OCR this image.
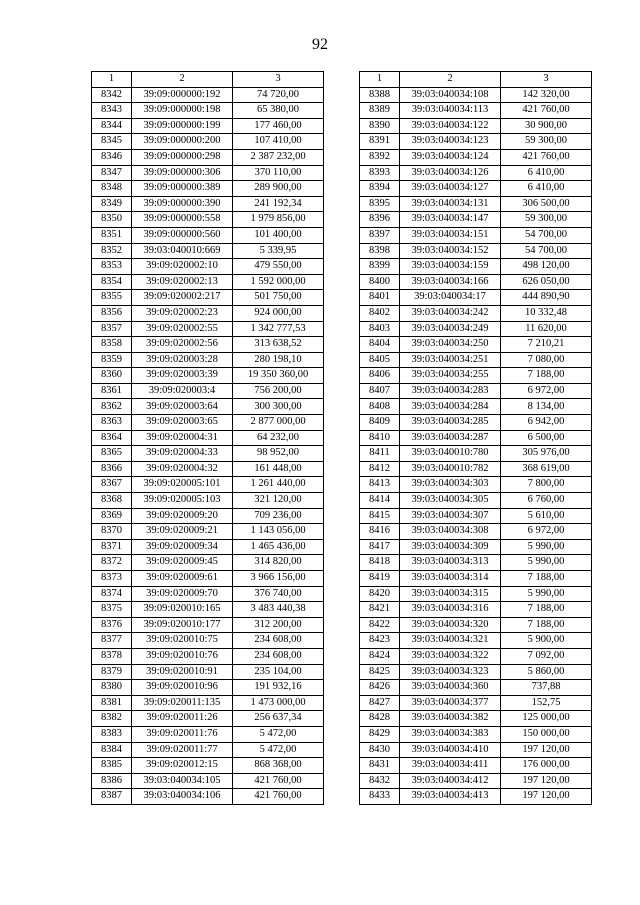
92
1	2	3
8342	39:09:000000:192	74 720,00
8343	39:09:000000:198	65 380,00
8344	39:09:000000:199	177 460,00
8345	39:09:000000:200	107 410,00
8346	39:09:000000:298	2 387 232,00
8347	39:09:000000:306	370 110,00
8348	39:09:000000:389	289 900,00
8349	39:09:000000:390	241 192,34
8350	39:09:000000:558	1 979 856,00
8351	39:09:000000:560	101 400,00
8352	39:03:040010:669	5 339,95
8353	39:09:020002:10	479 550,00
8354	39:09:020002:13	1 592 000,00
8355	39:09:020002:217	501 750,00
8356	39:09:020002:23	924 000,00
8357	39:09:020002:55	1 342 777,53
8358	39:09:020002:56	313 638,52
8359	39:09:020003:28	280 198,10
8360	39:09:020003:39	19 350 360,00
8361	39:09:020003:4	756 200,00
8362	39:09:020003:64	300 300,00
8363	39:09:020003:65	2 877 000,00
8364	39:09:020004:31	64 232,00
8365	39:09:020004:33	98 952,00
8366	39:09:020004:32	161 448,00
8367	39:09:020005:101	1 261 440,00
8368	39:09:020005:103	321 120,00
8369	39:09:020009:20	709 236,00
8370	39:09:020009:21	1 143 056,00
8371	39:09:020009:34	1 465 436,00
8372	39:09:020009:45	314 820,00
8373	39:09:020009:61	3 966 156,00
8374	39:09:020009:70	376 740,00
8375	39:09:020010:165	3 483 440,38
8376	39:09:020010:177	312 200,00
8377	39:09:020010:75	234 608,00
8378	39:09:020010:76	234 608,00
8379	39:09:020010:91	235 104,00
8380	39:09:020010:96	191 932,16
8381	39:09:020011:135	1 473 000,00
8382	39:09:020011:26	256 637,34
8383	39:09:020011:76	5 472,00
8384	39:09:020011:77	5 472,00
8385	39:09:020012:15	868 368,00
8386	39:03:040034:105	421 760,00
8387	39:03:040034:106	421 760,00
1	2	3
8388	39:03:040034:108	142 320,00
8389	39:03:040034:113	421 760,00
8390	39:03:040034:122	30 900,00
8391	39:03:040034:123	59 300,00
8392	39:03:040034:124	421 760,00
8393	39:03:040034:126	6 410,00
8394	39:03:040034:127	6 410,00
8395	39:03:040034:131	306 500,00
8396	39:03:040034:147	59 300,00
8397	39:03:040034:151	54 700,00
8398	39:03:040034:152	54 700,00
8399	39:03:040034:159	498 120,00
8400	39:03:040034:166	626 050,00
8401	39:03:040034:17	444 890,90
8402	39:03:040034:242	10 332,48
8403	39:03:040034:249	11 620,00
8404	39:03:040034:250	7 210,21
8405	39:03:040034:251	7 080,00
8406	39:03:040034:255	7 188,00
8407	39:03:040034:283	6 972,00
8408	39:03:040034:284	8 134,00
8409	39:03:040034:285	6 942,00
8410	39:03:040034:287	6 500,00
8411	39:03:040010:780	305 976,00
8412	39:03:040010:782	368 619,00
8413	39:03:040034:303	7 800,00
8414	39:03:040034:305	6 760,00
8415	39:03:040034:307	5 610,00
8416	39:03:040034:308	6 972,00
8417	39:03:040034:309	5 990,00
8418	39:03:040034:313	5 990,00
8419	39:03:040034:314	7 188,00
8420	39:03:040034:315	5 990,00
8421	39:03:040034:316	7 188,00
8422	39:03:040034:320	7 188,00
8423	39:03:040034:321	5 900,00
8424	39:03:040034:322	7 092,00
8425	39:03:040034:323	5 860,00
8426	39:03:040034:360	737,88
8427	39:03:040034:377	152,75
8428	39:03:040034:382	125 000,00
8429	39:03:040034:383	150 000,00
8430	39:03:040034:410	197 120,00
8431	39:03:040034:411	176 000,00
8432	39:03:040034:412	197 120,00
8433	39:03:040034:413	197 120,00
